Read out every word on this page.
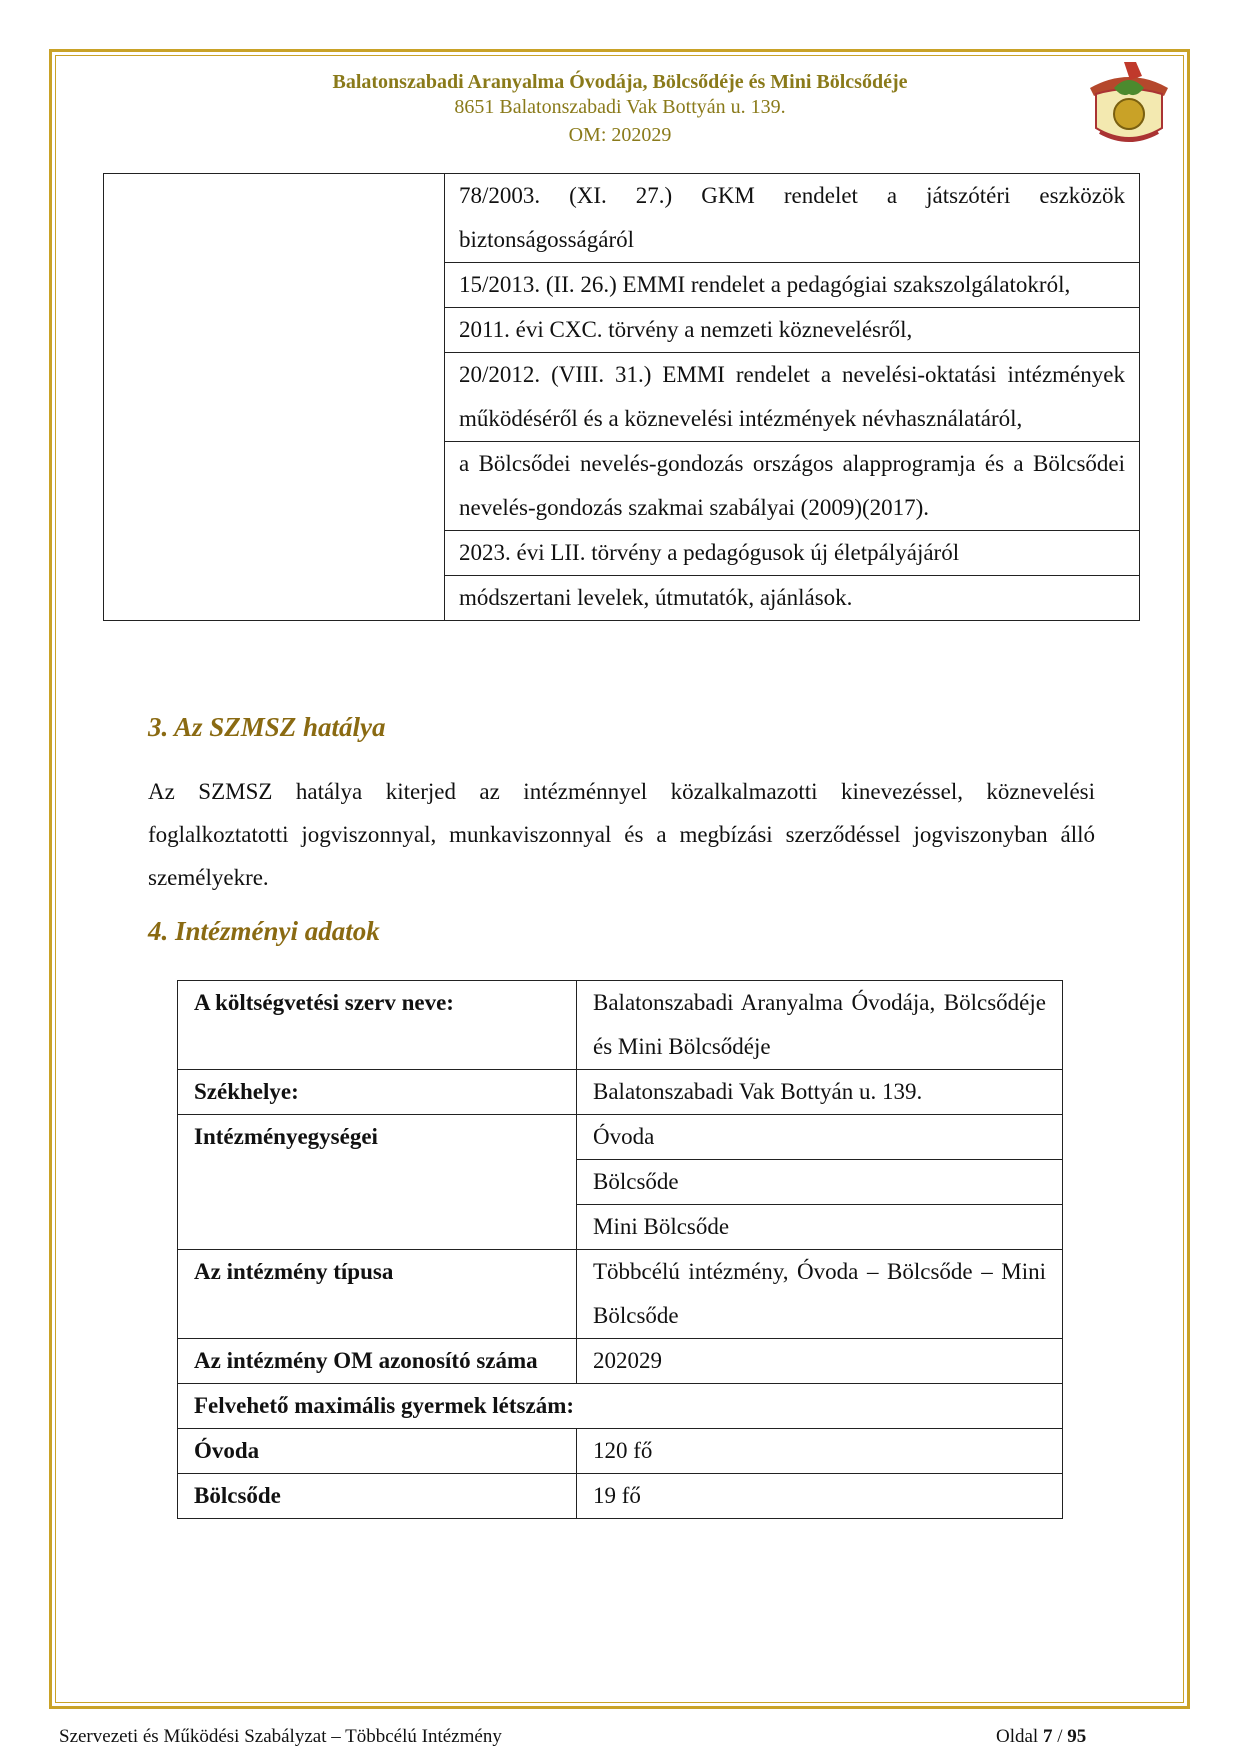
Balatonszabadi Aranyalma Óvodája, Bölcsődéje és Mini Bölcsődéje
8651 Balatonszabadi Vak Bottyán u. 139.
OM: 202029
	78/2003. (XI. 27.) GKM rendelet a játszótéri eszközök biztonságosságáról
15/2013. (II. 26.) EMMI rendelet a pedagógiai szakszolgálatokról,
2011. évi CXC. törvény a nemzeti köznevelésről,
20/2012. (VIII. 31.) EMMI rendelet a nevelési-oktatási intézmények működéséről és a köznevelési intézmények névhasználatáról,
a Bölcsődei nevelés-gondozás országos alapprogramja és a Bölcsődei nevelés-gondozás szakmai szabályai (2009)(2017).
2023. évi LII. törvény a pedagógusok új életpályájáról
módszertani levelek, útmutatók, ajánlások.
3. Az SZMSZ hatálya
Az SZMSZ hatálya kiterjed az intézménnyel közalkalmazotti kinevezéssel, köznevelési foglalkoztatotti jogviszonnyal, munkaviszonnyal és a megbízási szerződéssel jogviszonyban álló személyekre.
4. Intézményi adatok
A költségvetési szerv neve:	Balatonszabadi Aranyalma Óvodája, Bölcsődéje és Mini Bölcsődéje
Székhelye:	Balatonszabadi Vak Bottyán u. 139.
Intézményegységei	Óvoda
	Bölcsőde
	Mini Bölcsőde
Az intézmény típusa	Többcélú intézmény, Óvoda – Bölcsőde – Mini Bölcsőde
Az intézmény OM azonosító száma	202029
Felvehető maximális gyermek létszám:	
Óvoda	120 fő
Bölcsőde	19 fő
Szervezeti és Működési Szabályzat – Többcélú Intézmény	Oldal 7 / 95
